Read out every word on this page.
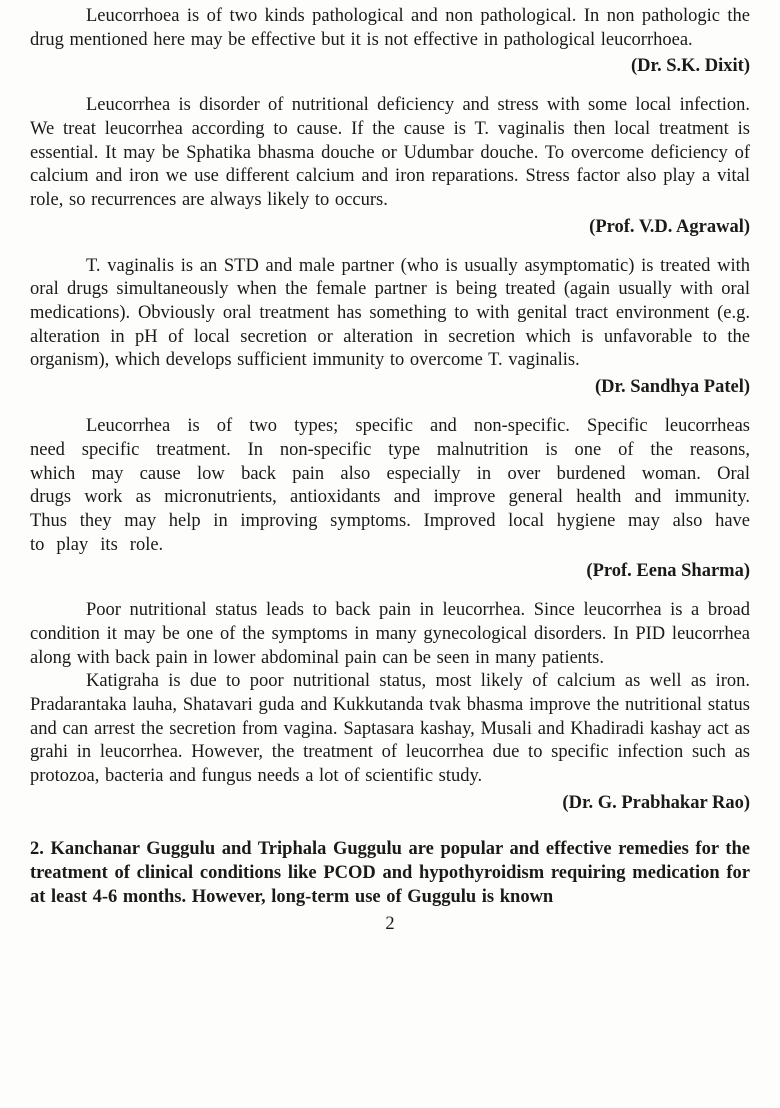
Leucorrhoea is of two kinds pathological and non pathological. In non pathologic the drug mentioned here may be effective but it is not effective in pathological leucorrhoea.

(Dr. S.K. Dixit)

Leucorrhea is disorder of nutritional deficiency and stress with some local infection. We treat leucorrhea according to cause. If the cause is T. vaginalis then local treatment is essential. It may be Sphatika bhasma douche or Udumbar douche. To overcome deficiency of calcium and iron we use different calcium and iron reparations. Stress factor also play a vital role, so recurrences are always likely to occurs.

(Prof. V.D. Agrawal)

T. vaginalis is an STD and male partner (who is usually asymptomatic) is treated with oral drugs simultaneously when the female partner is being treated (again usually with oral medications). Obviously oral treatment has something to with genital tract environment (e.g. alteration in pH of local secretion or alteration in secretion which is unfavorable to the organism), which develops sufficient immunity to overcome T. vaginalis.

(Dr. Sandhya Patel)

Leucorrhea is of two types; specific and non-specific. Specific leucorrheas need specific treatment. In non-specific type malnutrition is one of the reasons, which may cause low back pain also especially in over burdened woman. Oral drugs work as micronutrients, antioxidants and improve general health and immunity. Thus they may help in improving symptoms. Improved local hygiene may also have to play its role.

(Prof. Eena Sharma)

Poor nutritional status leads to back pain in leucorrhea. Since leucorrhea is a broad condition it may be one of the symptoms in many gynecological disorders. In PID leucorrhea along with back pain in lower abdominal pain can be seen in many patients.

Katigraha is due to poor nutritional status, most likely of calcium as well as iron. Pradarantaka lauha, Shatavari guda and Kukkutanda tvak bhasma improve the nutritional status and can arrest the secretion from vagina. Saptasara kashay, Musali and Khadiradi kashay act as grahi in leucorrhea. However, the treatment of leucorrhea due to specific infection such as protozoa, bacteria and fungus needs a lot of scientific study.

(Dr. G. Prabhakar Rao)

2. Kanchanar Guggulu and Triphala Guggulu are popular and effective remedies for the treatment of clinical conditions like PCOD and hypothyroidism requiring medication for at least 4-6 months. However, long-term use of Guggulu is known

2
